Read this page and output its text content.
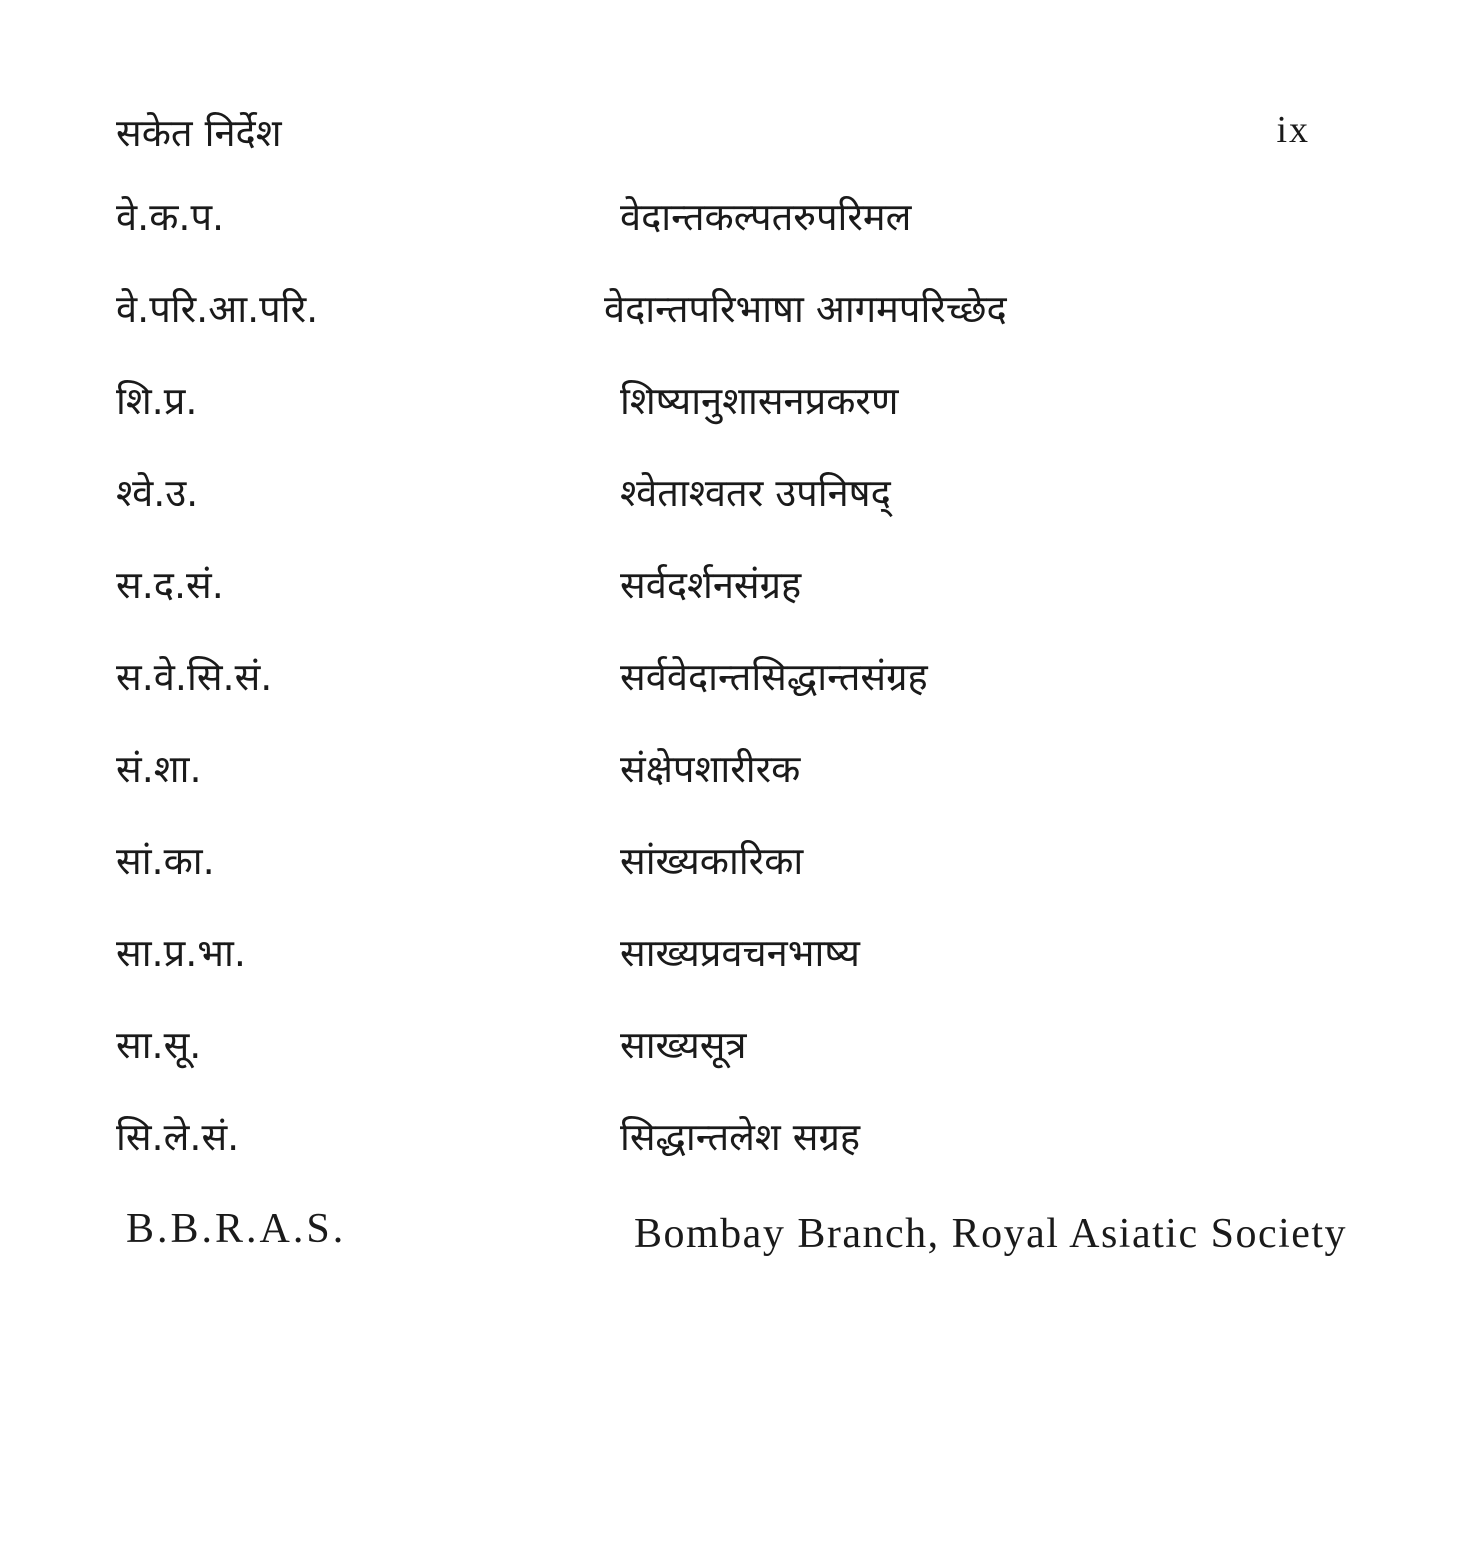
सकेत निर्देश	ix
वे.क.प.	वेदान्तकल्पतरुपरिमल
वे.परि.आ.परि.	वेदान्तपरिभाषा आगमपरिच्छेद
शि.प्र.	शिष्यानुशासनप्रकरण
श्वे.उ.	श्वेताश्वतर उपनिषद्
स.द.सं.	सर्वदर्शनसंग्रह
स.वे.सि.सं.	सर्ववेदान्तसिद्धान्तसंग्रह
सं.शा.	संक्षेपशारीरक
सां.का.	सांख्यकारिका
सा.प्र.भा.	साख्यप्रवचनभाष्य
सा.सू.	साख्यसूत्र
सि.ले.सं.	सिद्धान्तलेश सग्रह
B.B.R.A.S.	Bombay Branch, Royal Asiatic Society
